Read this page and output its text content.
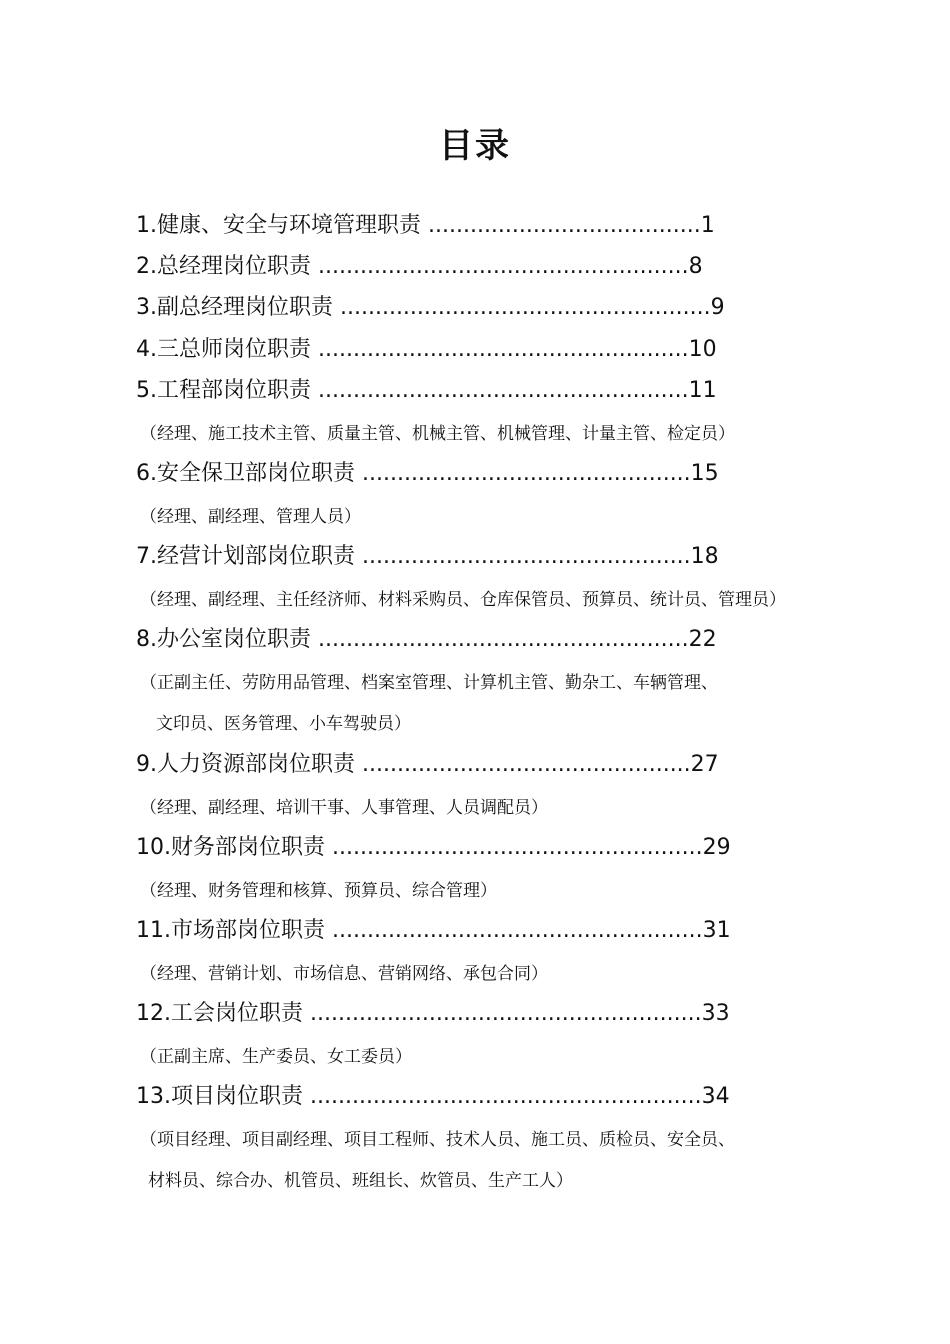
目录
1.健康、安全与环境管理职责 .......................................1
2.总经理岗位职责 .....................................................8
3.副总经理岗位职责 .....................................................9
4.三总师岗位职责 .....................................................10
5.工程部岗位职责 .....................................................11
（经理、施工技术主管、质量主管、机械主管、机械管理、计量主管、检定员）
6.安全保卫部岗位职责 ...............................................15
（经理、副经理、管理人员）
7.经营计划部岗位职责 ...............................................18
（经理、副经理、主任经济师、材料采购员、仓库保管员、预算员、统计员、管理员）
8.办公室岗位职责 .....................................................22
（正副主任、劳防用品管理、档案室管理、计算机主管、勤杂工、车辆管理、
文印员、医务管理、小车驾驶员）
9.人力资源部岗位职责 ...............................................27
（经理、副经理、培训干事、人事管理、人员调配员）
10.财务部岗位职责 .....................................................29
（经理、财务管理和核算、预算员、综合管理）
11.市场部岗位职责 .....................................................31
（经理、营销计划、市场信息、营销网络、承包合同）
12.工会岗位职责 ........................................................33
（正副主席、生产委员、女工委员）
13.项目岗位职责 ........................................................34
（项目经理、项目副经理、项目工程师、技术人员、施工员、质检员、安全员、
材料员、综合办、机管员、班组长、炊管员、生产工人）
